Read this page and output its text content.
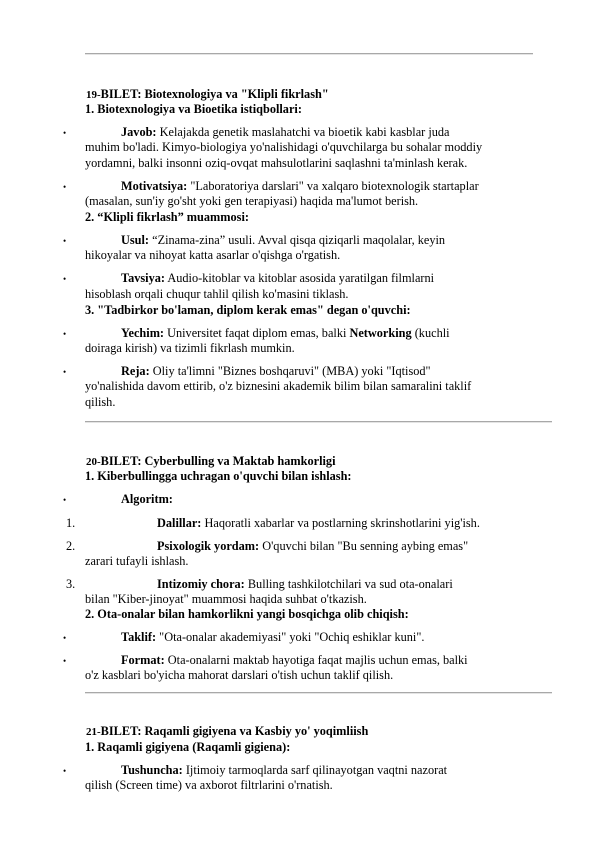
19-BILET: Biotexnologiya va "Klipli fikrlash"
1. Biotexnologiya va Bioetika istiqbollari:
•	Javob: Kelajakda genetik maslahatchi va bioetik kabi kasblar juda
muhim bo'ladi. Kimyo-biologiya yo'nalishidagi o'quvchilarga bu sohalar moddiy
yordamni, balki insonni oziq-ovqat mahsulotlarini saqlashni ta'minlash kerak.
•	Motivatsiya: "Laboratoriya darslari" va xalqaro biotexnologik startaplar
(masalan, sun'iy go'sht yoki gen terapiyasi) haqida ma'lumot berish.
2. “Klipli fikrlash” muammosi:
•	Usul: “Zinama-zina” usuli. Avval qisqa qiziqarli maqolalar, keyin
hikoyalar va nihoyat katta asarlar o'qishga o'rgatish.
•	Tavsiya: Audio-kitoblar va kitoblar asosida yaratilgan filmlarni
hisoblash orqali chuqur tahlil qilish ko'masini tiklash.
3. "Tadbirkor bo'laman, diplom kerak emas" degan o'quvchi:
•	Yechim: Universitet faqat diplom emas, balki Networking (kuchli
doiraga kirish) va tizimli fikrlash mumkin.
•	Reja: Oliy ta'limni "Biznes boshqaruvi" (MBA) yoki "Iqtisod"
yo'nalishida davom ettirib, o'z biznesini akademik bilim bilan samaralini taklif
qilish.
20-BILET: Cyberbulling va Maktab hamkorligi
1. Kiberbullingga uchragan o'quvchi bilan ishlash:
•	Algoritm:
1.	Dalillar: Haqoratli xabarlar va postlarning skrinshotlarini yig'ish.
2.	Psixologik yordam: O'quvchi bilan "Bu senning aybing emas"
zarari tufayli ishlash.
3.	Intizomiy chora: Bulling tashkilotchilari va sud ota-onalari
bilan "Kiber-jinoyat" muammosi haqida suhbat o'tkazish.
2. Ota-onalar bilan hamkorlikni yangi bosqichga olib chiqish:
•	Taklif: "Ota-onalar akademiyasi" yoki "Ochiq eshiklar kuni".
•	Format: Ota-onalarni maktab hayotiga faqat majlis uchun emas, balki
o'z kasblari bo'yicha mahorat darslari o'tish uchun taklif qilish.
21-BILET: Raqamli gigiyena va Kasbiy yo' yoqimliish
1. Raqamli gigiyena (Raqamli gigiena):
•	Tushuncha: Ijtimoiy tarmoqlarda sarf qilinayotgan vaqtni nazorat
qilish (Screen time) va axborot filtrlarini o'rnatish.
